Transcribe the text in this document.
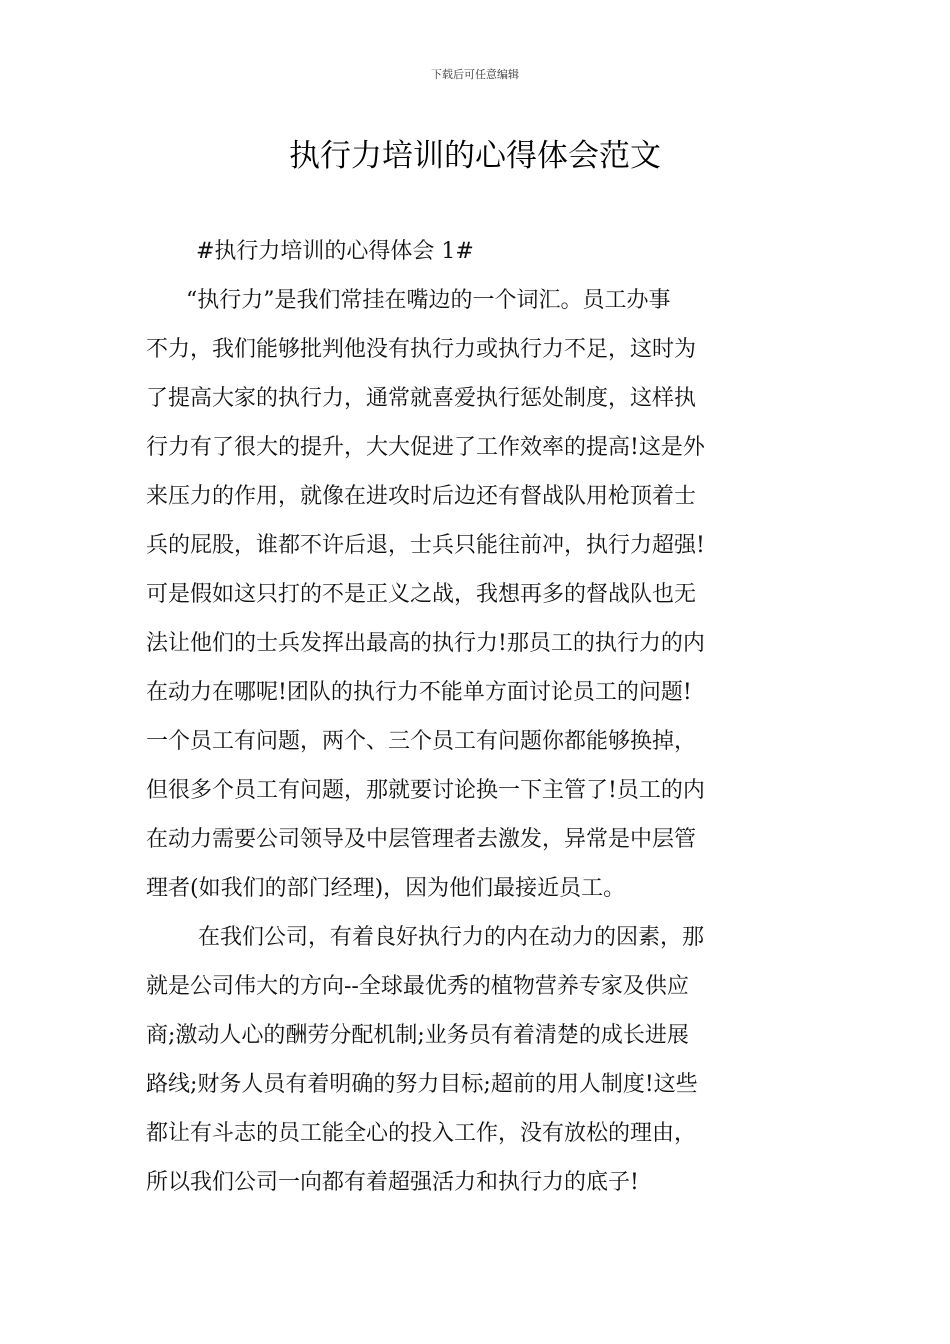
下载后可任意编辑
执行力培训的心得体会范文
#执行力培训的心得体会 1#
“执行力”是我们常挂在嘴边的一个词汇。员工办事
不力，我们能够批判他没有执行力或执行力不足，这时为
了提高大家的执行力，通常就喜爱执行惩处制度，这样执
行力有了很大的提升，大大促进了工作效率的提高!这是外
来压力的作用，就像在进攻时后边还有督战队用枪顶着士
兵的屁股，谁都不许后退，士兵只能往前冲，执行力超强!
可是假如这只打的不是正义之战，我想再多的督战队也无
法让他们的士兵发挥出最高的执行力!那员工的执行力的内
在动力在哪呢!团队的执行力不能单方面讨论员工的问题!
一个员工有问题，两个、三个员工有问题你都能够换掉，
但很多个员工有问题，那就要讨论换一下主管了!员工的内
在动力需要公司领导及中层管理者去激发，异常是中层管
理者(如我们的部门经理)，因为他们最接近员工。
在我们公司，有着良好执行力的内在动力的因素，那
就是公司伟大的方向--全球最优秀的植物营养专家及供应
商;激动人心的酬劳分配机制;业务员有着清楚的成长进展
路线;财务人员有着明确的努力目标;超前的用人制度!这些
都让有斗志的员工能全心的投入工作，没有放松的理由，
所以我们公司一向都有着超强活力和执行力的底子!
